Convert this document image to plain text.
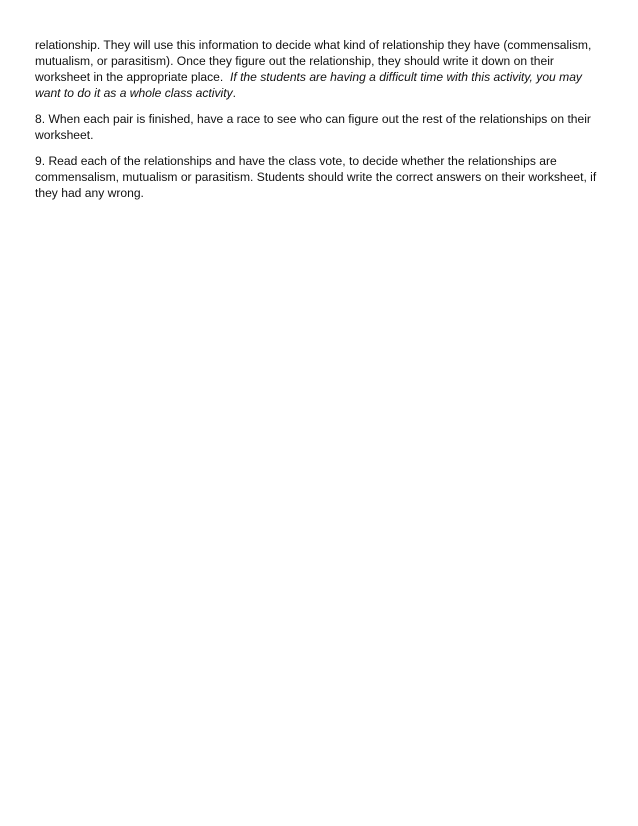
relationship. They will use this information to decide what kind of relationship they have (commensalism, mutualism, or parasitism). Once they figure out the relationship, they should write it down on their worksheet in the appropriate place. If the students are having a difficult time with this activity, you may want to do it as a whole class activity.

8. When each pair is finished, have a race to see who can figure out the rest of the relationships on their worksheet.

9. Read each of the relationships and have the class vote, to decide whether the relationships are commensalism, mutualism or parasitism. Students should write the correct answers on their worksheet, if they had any wrong.
